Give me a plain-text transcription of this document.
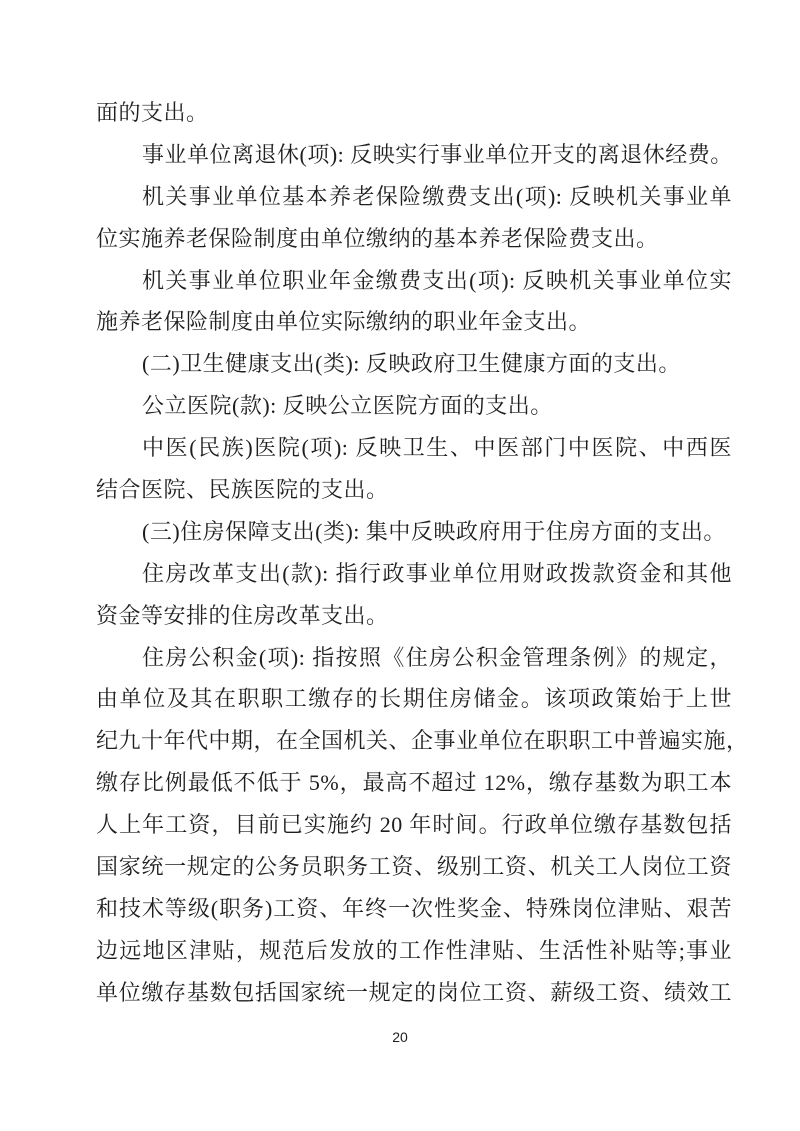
面的支出。
事业单位离退休(项): 反映实行事业单位开支的离退休经费。
机关事业单位基本养老保险缴费支出(项): 反映机关事业单
位实施养老保险制度由单位缴纳的基本养老保险费支出。
机关事业单位职业年金缴费支出(项): 反映机关事业单位实
施养老保险制度由单位实际缴纳的职业年金支出。
(二)卫生健康支出(类): 反映政府卫生健康方面的支出。
公立医院(款): 反映公立医院方面的支出。
中医(民族)医院(项): 反映卫生、中医部门中医院、中西医
结合医院、民族医院的支出。
(三)住房保障支出(类): 集中反映政府用于住房方面的支出。
住房改革支出(款): 指行政事业单位用财政拨款资金和其他
资金等安排的住房改革支出。
住房公积金(项): 指按照《住房公积金管理条例》的规定，
由单位及其在职职工缴存的长期住房储金。该项政策始于上世
纪九十年代中期，在全国机关、企事业单位在职职工中普遍实施，
缴存比例最低不低于 5%，最高不超过 12%，缴存基数为职工本
人上年工资，目前已实施约 20 年时间。行政单位缴存基数包括
国家统一规定的公务员职务工资、级别工资、机关工人岗位工资
和技术等级(职务)工资、年终一次性奖金、特殊岗位津贴、艰苦
边远地区津贴，规范后发放的工作性津贴、生活性补贴等;事业
单位缴存基数包括国家统一规定的岗位工资、薪级工资、绩效工
20
